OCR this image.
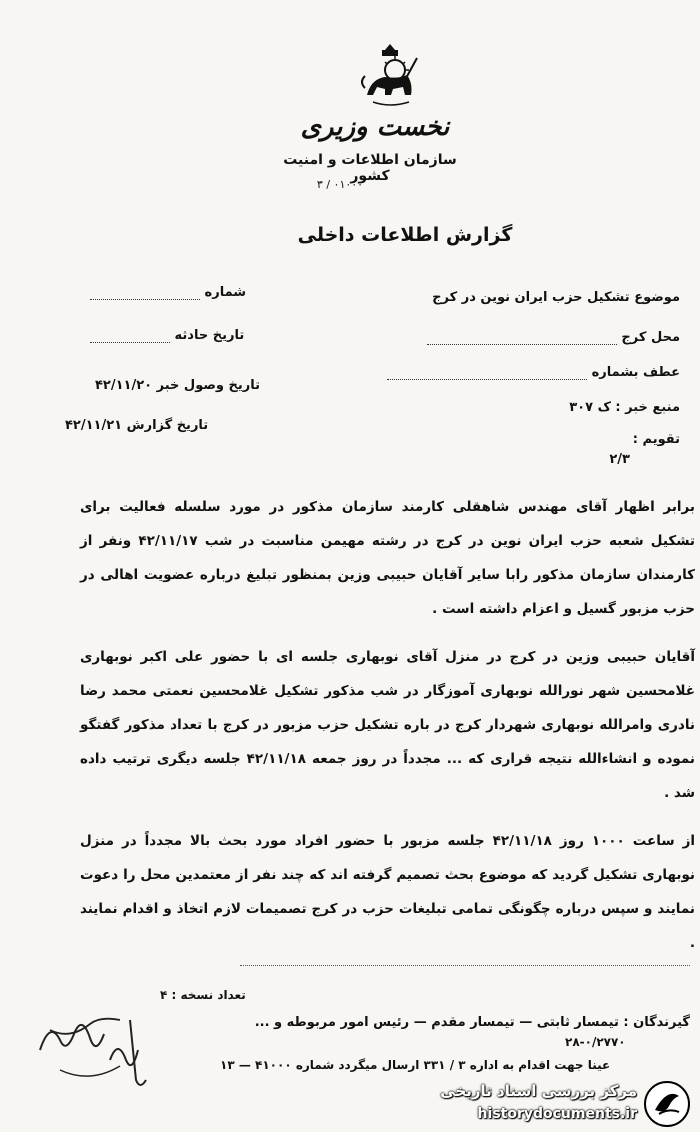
نخست وزیری
سازمان اطلاعات و امنیت کشور
۳ / ۰۱۰۰۰
گزارش اطلاعات داخلی
موضوع تشکیل حزب ایران نوین در کرج
محل کرج
عطف بشماره
منبع خبر : ک ۳۰۷
تقویم :
۲/۳
شماره
تاریخ حادثه
تاریخ وصول خبر ۴۲/۱۱/۲۰
تاریخ گزارش ۴۲/۱۱/۲۱

برابر اظهار آقای مهندس شاهقلی کارمند سازمان مذکور در مورد سلسله فعالیت برای تشکیل شعبه حزب ایران نوین در کرج در رشته مهیمن مناسبت در شب ۴۲/۱۱/۱۷ ونفر از کارمندان سازمان مذکور رابا سایر آقایان حبیبی وزین بمنظور تبلیغ درباره عضویت اهالی در حزب مزبور گسیل و اعزام داشته است .

آقایان حبیبی وزین در کرج در منزل آقای نوبهاری جلسه ای با حضور علی اکبر نوبهاری غلامحسین شهر نورالله نوبهاری آموزگار در شب مذکور تشکیل غلامحسین نعمتی محمد رضا نادری وامرالله نوبهاری شهردار کرج در باره تشکیل حزب مزبور در کرج با تعداد مذکور گفتگو نموده و انشاءالله نتیجه قراری که ... مجدداً در روز جمعه ۴۲/۱۱/۱۸ جلسه دیگری ترتیب داده شد .

از ساعت ۱۰۰۰ روز ۴۲/۱۱/۱۸ جلسه مزبور با حضور افراد مورد بحث بالا مجدداً در منزل نوبهاری تشکیل گردید که موضوع بحث تصمیم گرفته اند که چند نفر از معتمدین محل را دعوت نمایند و سپس درباره چگونگی تمامی تبلیغات حزب در کرج تصمیمات لازم اتخاذ و اقدام نمایند .

تعداد نسخه : ۴
گیرندگان : تیمسار ثابتی — تیمسار مقدم — رئیس امور مربوطه و ...
۲۸-۰/۲۷۷۰
عینا جهت اقدام به اداره ۳ / ۳۳۱ ارسال میگردد شماره ۴۱۰۰۰ — ۱۳
مرکز بررسی اسناد تاریخی
historydocuments.ir
